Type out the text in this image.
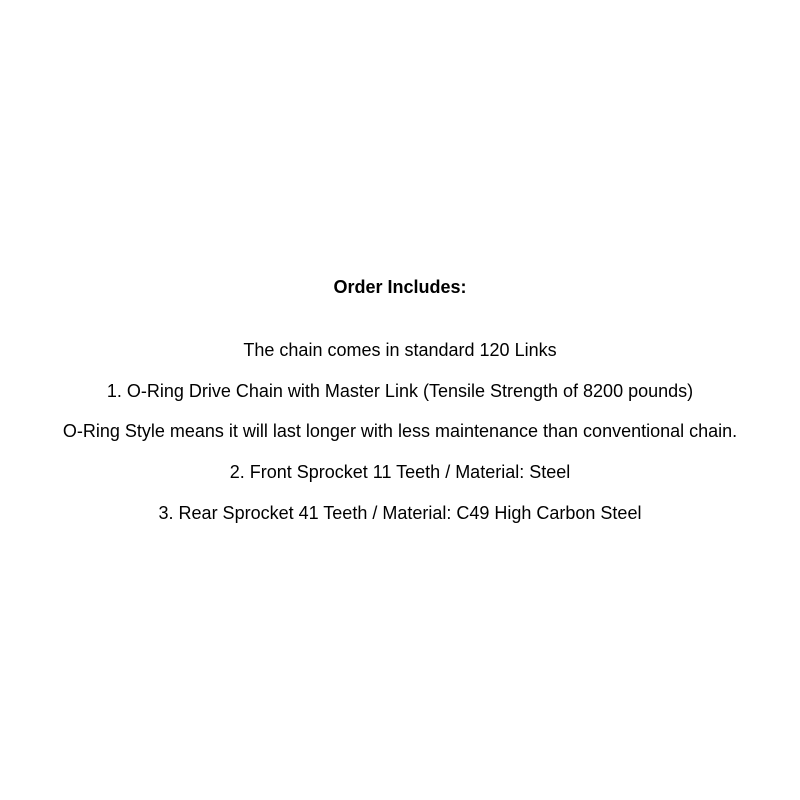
Order Includes:
The chain comes in standard 120 Links
1. O-Ring Drive Chain with Master Link (Tensile Strength of 8200 pounds)
O-Ring Style means it will last longer with less maintenance than conventional chain.
2. Front Sprocket 11 Teeth / Material: Steel
3. Rear Sprocket 41 Teeth / Material: C49 High Carbon Steel
